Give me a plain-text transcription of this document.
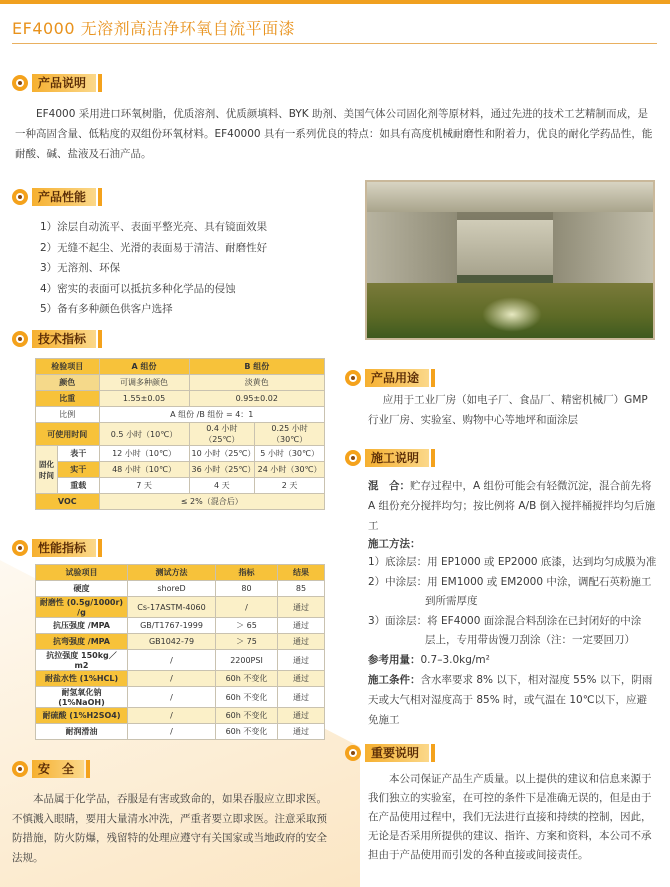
EF4000 无溶剂高洁净环氧自流平面漆
产品说明
EF4000 采用进口环氧树脂，优质溶剂、优质颜填料、BYK 助剂、美国气体公司固化剂等原材料，通过先进的技术工艺精制而成，是一种高固含量、低粘度的双组份环氧材料。EF40000 具有一系列优良的特点：如具有高度机械耐磨性和附着力，优良的耐化学药品性，能耐酸、碱、盐液及石油产品。
产品性能
1）涂层自动流平、表面平整光亮、具有镜面效果
2）无缝不起尘、光滑的表面易于清洁、耐磨性好
3）无溶剂、环保
4）密实的表面可以抵抗多种化学品的侵蚀
5）备有多种颜色供客户选择
技术指标
检验项目		A 组份	B 组份	
颜色		可调多种颜色	淡黄色	
比重		1.55±0.05	0.95±0.02	
比例		A 组份 /B 组份 = 4：1		
可使用时间		0.5 小时（10℃）	0.4 小时（25℃）	0.25 小时（30℃）
固化时间	表干	12 小时（10℃）	10 小时（25℃）	5 小时（30℃）
	实干	48 小时（10℃）	36 小时（25℃）	24 小时（30℃）
	重载	7 天	4 天	2 天
VOC		≤ 2%（混合后）		
性能指标
试验项目	测试方法	指标	结果
硬度	shoreD	80	85
耐磨性 (0.5g/1000r) /g	Cs-17ASTM-4060	/	通过
抗压强度 /MPA	GB/T1767-1999	＞ 65	通过
抗弯强度 /MPA	GB1042-79	＞ 75	通过
抗拉强度 150kg／ m2	/	2200PSI	通过
耐盐水性 (1%HCL)	/	60h 不变化	通过
耐氢氧化钠 (1%NaOH)	/	60h 不变化	通过
耐硫酸 (1%H2SO4)	/	60h 不变化	通过
耐润滑油	/	60h 不变化	通过
安　全
本品属于化学品，吞服是有害或致命的，如果吞服应立即求医。不慎溅入眼睛，要用大量清水冲洗，严重者要立即求医。注意采取预防措施，防火防爆，残留特的处理应遵守有关国家或当地政府的安全法规。
产品用途
应用于工业厂房（如电子厂、食品厂、精密机械厂）GMP 行业厂房、实验室、购物中心等地坪和面涂层
施工说明
混　合：贮存过程中，A 组份可能会有轻微沉淀，混合前先将 A 组份充分搅拌均匀；按比例将 A/B 倒入搅拌桶搅拌均匀后施工
施工方法：
1）底涂层：用 EP1000 或 EP2000 底漆，达到均匀成膜为准
2）中涂层：用 EM1000 或 EM2000 中涂，调配石英粉施工
到所需厚度
3）面涂层：将 EF4000 面涂混合料刮涂在已封闭好的中涂
层上，专用带齿馒刀刮涂（注：一定要回刀）
参考用量：0.7–3.0kg/m²
施工条件：含水率要求 8% 以下，相对湿度 55% 以下，阴雨天或大气相对湿度高于 85% 时，或气温在 10℃以下，应避免施工
重要说明
本公司保证产品生产质量。以上提供的建议和信息来源于我们独立的实验室，在可控的条件下是准确无误的，但是由于在产品使用过程中，我们无法进行直接和持续的控制，因此，无论是否采用所提供的建议、指许、方案和资料，本公司不承担由于产品使用而引发的各种直接或间接责任。
